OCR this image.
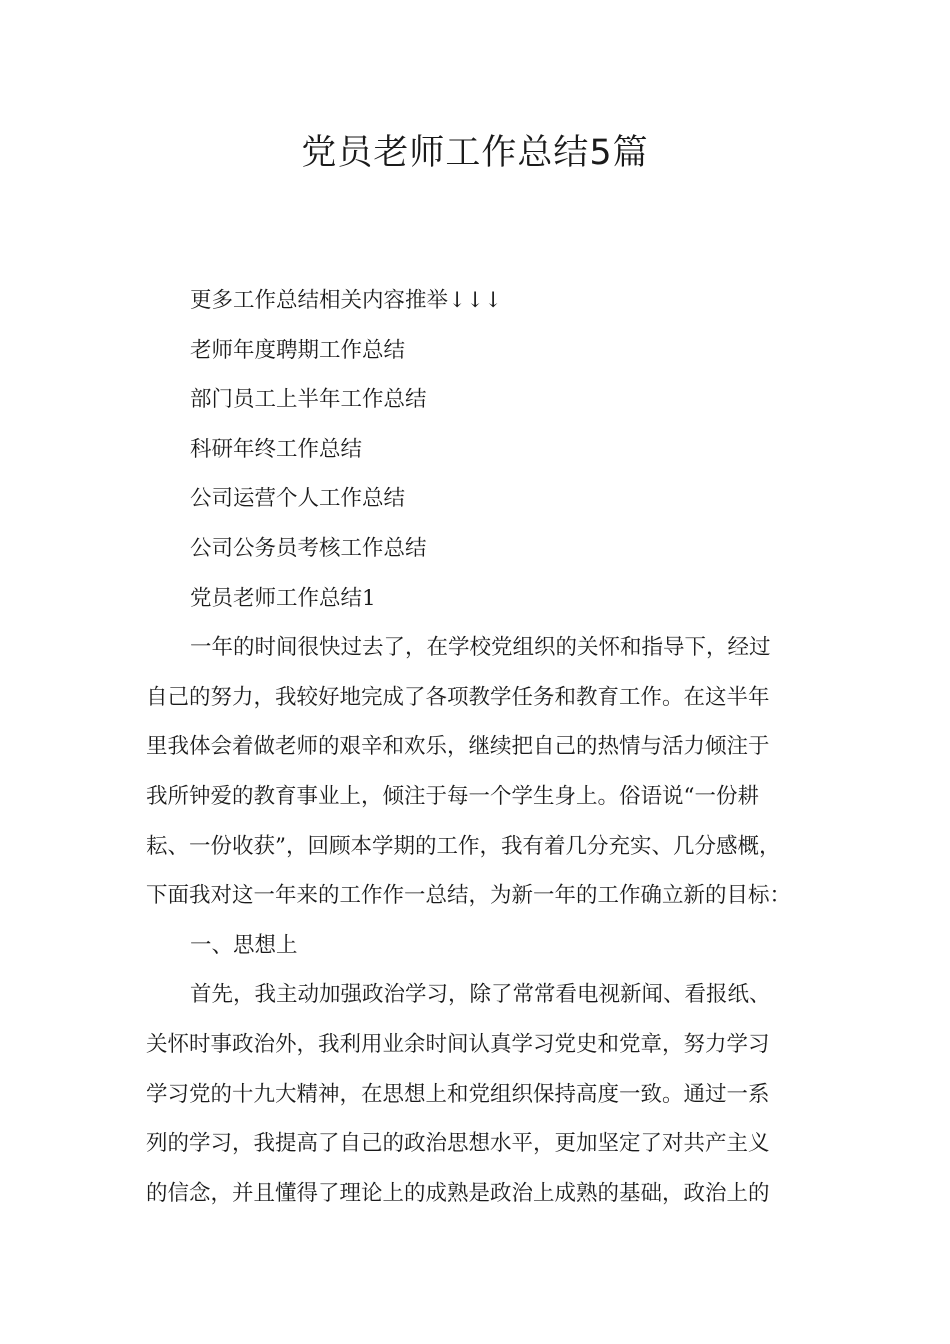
党员老师工作总结5篇

更多工作总结相关内容推举↓↓↓

老师年度聘期工作总结

部门员工上半年工作总结

科研年终工作总结

公司运营个人工作总结

公司公务员考核工作总结

党员老师工作总结1

一年的时间很快过去了，在学校党组织的关怀和指导下，经过
自己的努力，我较好地完成了各项教学任务和教育工作。在这半年
里我体会着做老师的艰辛和欢乐，继续把自己的热情与活力倾注于
我所钟爱的教育事业上，倾注于每一个学生身上。俗语说“一份耕
耘、一份收获”，回顾本学期的工作，我有着几分充实、几分感概，
下面我对这一年来的工作作一总结，为新一年的工作确立新的目标：

一、思想上

首先，我主动加强政治学习，除了常常看电视新闻、看报纸、
关怀时事政治外，我利用业余时间认真学习党史和党章，努力学习
学习党的十九大精神，在思想上和党组织保持高度一致。通过一系
列的学习，我提高了自己的政治思想水平，更加坚定了对共产主义
的信念，并且懂得了理论上的成熟是政治上成熟的基础，政治上的
